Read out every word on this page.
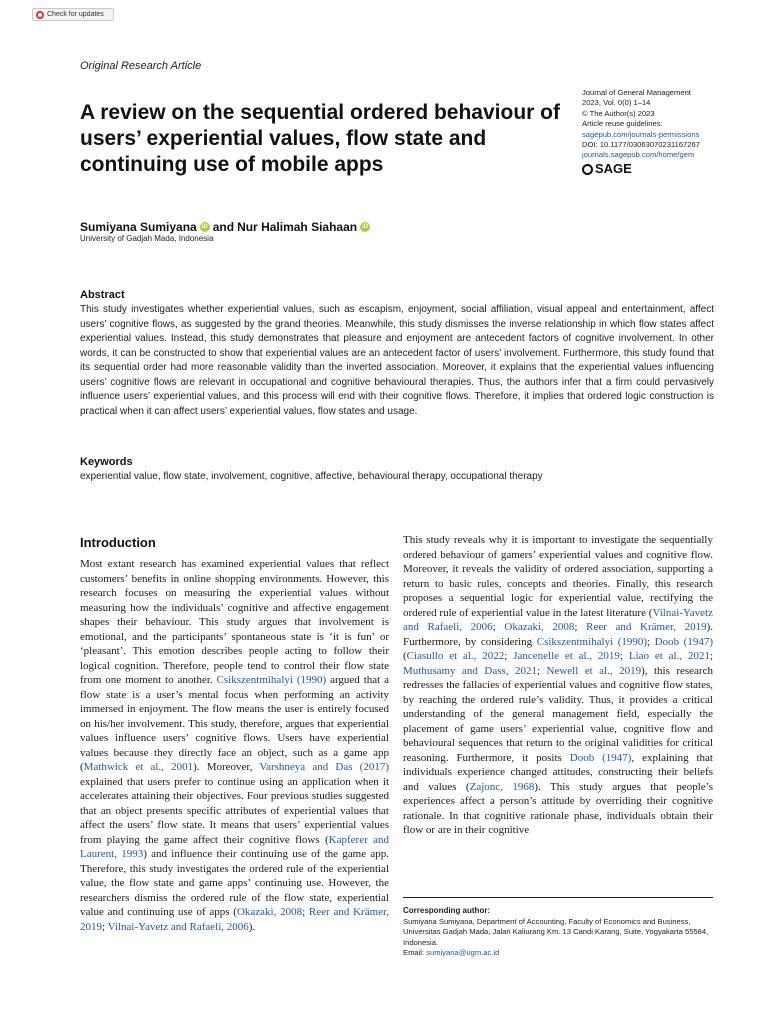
Check for updates
Original Research Article
A review on the sequential ordered behaviour of users’ experiential values, flow state and continuing use of mobile apps
Journal of General Management
2023, Vol. 0(0) 1–14
© The Author(s) 2023
Article reuse guidelines:
sagepub.com/journals-permissions
DOI: 10.1177/03063070231167267
journals.sagepub.com/home/gem
SAGE
Sumiyana Sumiyana iD and Nur Halimah Siahaan iD
University of Gadjah Mada, Indonesia
Abstract

This study investigates whether experiential values, such as escapism, enjoyment, social affiliation, visual appeal and entertainment, affect users’ cognitive flows, as suggested by the grand theories. Meanwhile, this study dismisses the inverse relationship in which flow states affect experiential values. Instead, this study demonstrates that pleasure and enjoyment are antecedent factors of cognitive involvement. In other words, it can be constructed to show that experiential values are an antecedent factor of users’ involvement. Furthermore, this study found that its sequential order had more reasonable validity than the inverted association. Moreover, it explains that the experiential values influencing users’ cognitive flows are relevant in occupational and cognitive behavioural therapies. Thus, the authors infer that a firm could pervasively influence users’ experiential values, and this process will end with their cognitive flows. Therefore, it implies that ordered logic construction is practical when it can affect users’ experiential values, flow states and usage.

Keywords
experiential value, flow state, involvement, cognitive, affective, behavioural therapy, occupational therapy
Introduction

Most extant research has examined experiential values that reflect customers’ benefits in online shopping environments. However, this research focuses on measuring the experiential values without measuring how the individuals’ cognitive and affective engagement shapes their behaviour. This study argues that involvement is emotional, and the participants’ spontaneous state is ‘it is fun’ or ‘pleasant’. This emotion describes people acting to follow their logical cognition. Therefore, people tend to control their flow state from one moment to another. Csikszentmihalyi (1990) argued that a flow state is a user’s mental focus when performing an activity immersed in enjoyment. The flow means the user is entirely focused on his/her involvement. This study, therefore, argues that experiential values influence users’ cognitive flows. Users have experiential values because they directly face an object, such as a game app (Mathwick et al., 2001). Moreover, Varshneya and Das (2017) explained that users prefer to continue using an application when it accelerates attaining their objectives. Four previous studies suggested that an object presents specific attributes of experiential values that affect the users’ flow state. It means that users’ experiential values from playing the game affect their cognitive flows (Kapferer and Laurent, 1993) and influence their continuing use of the game app. Therefore, this study investigates the ordered rule of the experiential value, the flow state and game apps’ continuing use. However, the researchers dismiss the ordered rule of the flow state, experiential value and continuing use of apps (Okazaki, 2008; Reer and Krämer, 2019; Vilnai-Yavetz and Rafaeli, 2006).

This study reveals why it is important to investigate the sequentially ordered behaviour of gamers’ experiential values and cognitive flow. Moreover, it reveals the validity of ordered association, supporting a return to basic rules, concepts and theories. Finally, this research proposes a sequential logic for experiential value, rectifying the ordered rule of experiential value in the latest literature (Vilnai-Yavetz and Rafaeli, 2006; Okazaki, 2008; Reer and Krämer, 2019). Furthermore, by considering Csikszentmihalyi (1990); Doob (1947) (Ciasullo et al., 2022; Jancenelle et al., 2019; Liao et al., 2021; Muthusamy and Dass, 2021; Newell et al., 2019), this research redresses the fallacies of experiential values and cognitive flow states, by reaching the ordered rule’s validity. Thus, it provides a critical understanding of the general management field, especially the placement of game users’ experiential value, cognitive flow and behavioural sequences that return to the original validities for critical reasoning. Furthermore, it posits Doob (1947), explaining that individuals experience changed attitudes, constructing their beliefs and values (Zajonc, 1968). This study argues that people’s experiences affect a person’s attitude by overriding their cognitive rationale. In that cognitive rationale phase, individuals obtain their flow or are in their cognitive

Corresponding author:
Sumiyana Sumiyana, Department of Accounting, Faculty of Economics and Business, Universitas Gadjah Mada, Jalan Kaliurang Km. 13 Candi Karang, Suite, Yogyakarta 55584, Indonesia.
Email: sumiyana@ugm.ac.id
